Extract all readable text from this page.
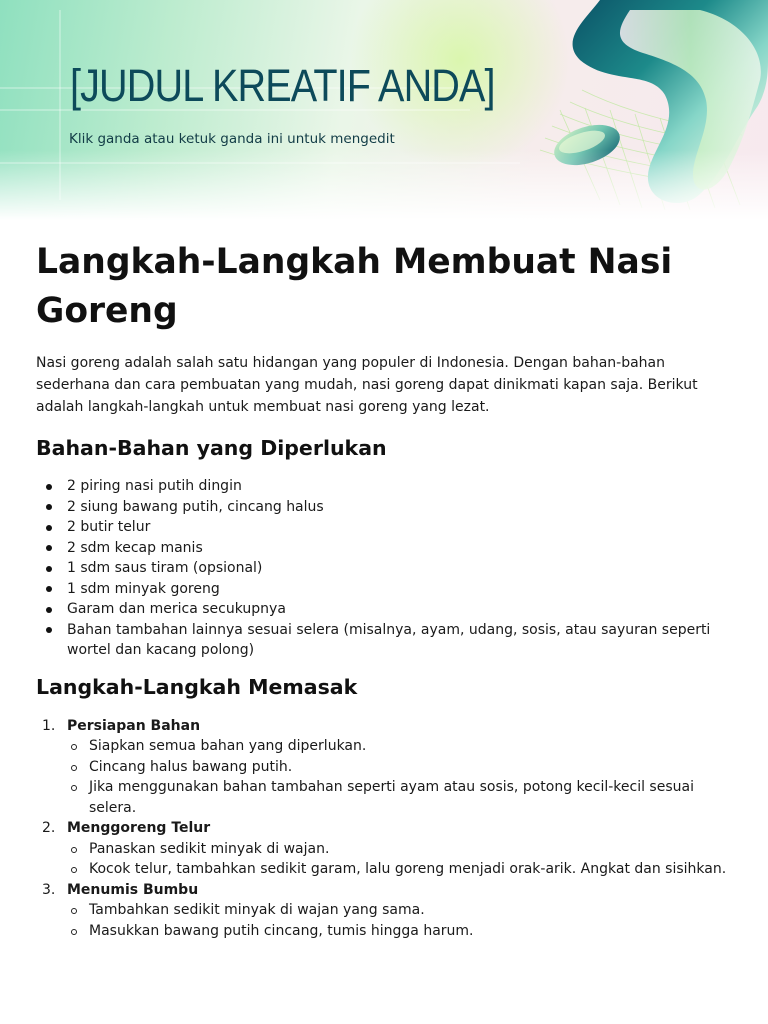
[JUDUL KREATIF ANDA]

Klik ganda atau ketuk ganda ini untuk mengedit

Langkah-Langkah Membuat Nasi Goreng

Nasi goreng adalah salah satu hidangan yang populer di Indonesia. Dengan bahan-bahan sederhana dan cara pembuatan yang mudah, nasi goreng dapat dinikmati kapan saja. Berikut adalah langkah-langkah untuk membuat nasi goreng yang lezat.

Bahan-Bahan yang Diperlukan
2 piring nasi putih dingin
2 siung bawang putih, cincang halus
2 butir telur
2 sdm kecap manis
1 sdm saus tiram (opsional)
1 sdm minyak goreng
Garam dan merica secukupnya
Bahan tambahan lainnya sesuai selera (misalnya, ayam, udang, sosis, atau sayuran seperti wortel dan kacang polong)
Langkah-Langkah Memasak
1. Persiapan Bahan
Siapkan semua bahan yang diperlukan.
Cincang halus bawang putih.
Jika menggunakan bahan tambahan seperti ayam atau sosis, potong kecil-kecil sesuai selera.
2. Menggoreng Telur
Panaskan sedikit minyak di wajan.
Kocok telur, tambahkan sedikit garam, lalu goreng menjadi orak-arik. Angkat dan sisihkan.
3. Menumis Bumbu
Tambahkan sedikit minyak di wajan yang sama.
Masukkan bawang putih cincang, tumis hingga harum.
